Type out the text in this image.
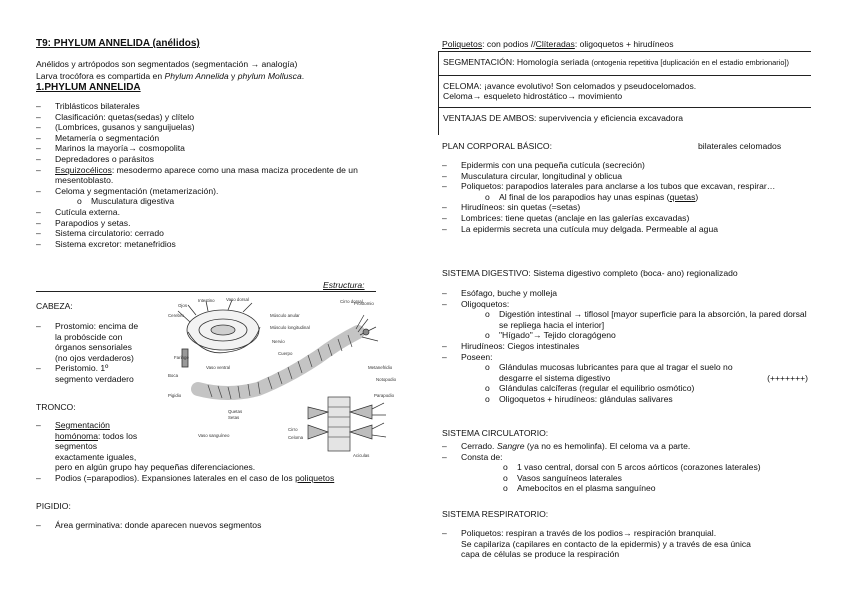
T9: PHYLUM ANNELIDA (anélidos)
Anélidos y artrópodos son segmentados (segmentación → analogía)
Larva trocófora es compartida en Phylum Annelida y phylum Mollusca.
1.PHYLUM ANNELIDA
– Triblásticos bilaterales
– Clasificación: quetas(sedas) y clítelo
– (Lombrices, gusanos y sanguijuelas)
– Metamería o segmentación
– Marinos la mayoría→ cosmopolita
– Depredadores o parásitos
– Esquizocélicos: mesodermo aparece como una masa maciza procedente de un mesentoblasto.
– Celoma y segmentación (metamerización).
o Musculatura digestiva
– Cutícula externa.
– Parapodios y setas.
– Sistema circulatorio: cerrado
– Sistema excretor: metanefridios
Estructura:
CABEZA:
– Prostomio: encima de
la probóscide con
órganos sensoriales
(no ojos verdaderos)
– Peristomio. 1º
segmento verdadero
TRONCO:
– Segmentación
homónoma: todos los
segmentos
exactamente iguales,
pero en algún grupo hay pequeñas diferenciaciones.
– Podios (=parapodios). Expansiones laterales en el caso de los poliquetos
PIGIDIO:
– Área germinativa: donde aparecen nuevos segmentos
Intestino	Vaso dorsal
Cerebro	Músculo anular
Músculo longitudinal
Faringe
Boca
Nervio
Vaso ventral
Pigidio
Cuerpo
Prostomio
Parapodio
Cirro
Celoma
Quetas
Setas
Metanefridio
Aciculas
Vaso sanguíneo
Cirro dorsal
Notopodio
Ojos
Poliquetos: con podios //Clíteradas: oligoquetos + hirudíneos
SEGMENTACIÓN: Homología seriada (ontogenia repetitiva [duplicación en el estadio embrionario])
CELOMA: ¡avance evolutivo! Son celomados y pseudocelomados.
Celoma→ esqueleto hidrostático→ movimiento
VENTAJAS DE AMBOS: supervivencia y eficiencia excavadora
PLAN CORPORAL BÁSICO:	bilaterales celomados
– Epidermis con una pequeña cutícula (secreción)
– Musculatura circular, longitudinal y oblicua
– Poliquetos: parapodios laterales para anclarse a los tubos que excavan, respirar…
o Al final de los parapodios hay unas espinas (quetas)
– Hirudíneos: sin quetas (=setas)
– Lombrices: tiene quetas (anclaje en las galerías excavadas)
– La epidermis secreta una cutícula muy delgada. Permeable al agua
SISTEMA DIGESTIVO: Sistema digestivo completo (boca- ano) regionalizado
– Esófago, buche y molleja
– Oligoquetos:
o Digestión intestinal → tiflosol [mayor superficie para la absorción, la pared dorsal se repliega hacia el interior]
o "Hígado"→ Tejido cloragógeno
– Hirudíneos: Ciegos intestinales
– Poseen:
o Glándulas mucosas lubricantes para que al tragar el suelo no desgarre el sistema digestivo	(+++++++)
o Glándulas calcíferas (regular el equilibrio osmótico)
o Oligoquetos + hirudíneos: glándulas salivares
SISTEMA CIRCULATORIO:
– Cerrado. Sangre (ya no es hemolinfa). El celoma va a parte.
– Consta de:
o 1 vaso central, dorsal con 5 arcos aórticos (corazones laterales)
o Vasos sanguíneos laterales
o Amebocitos en el plasma sanguíneo
SISTEMA RESPIRATORIO:
– Poliquetos: respiran a través de los podios→ respiración branquial.
Se capilariza (capilares en contacto de la epidermis) y a través de esa única
capa de células se produce la respiración
